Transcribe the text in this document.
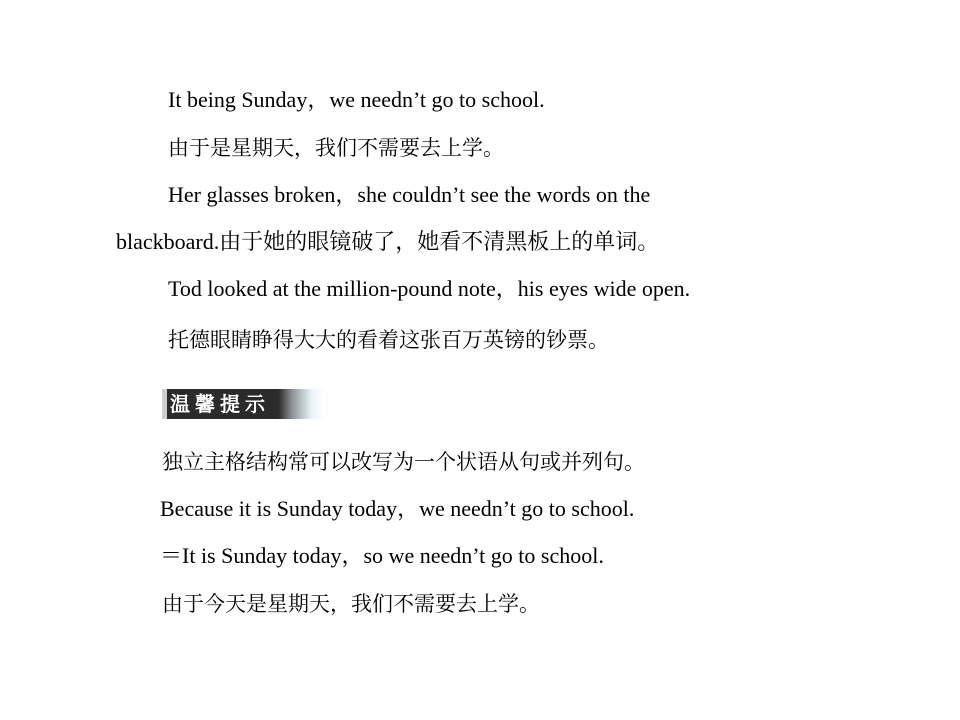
It being Sunday，we needn’t go to school.
由于是星期天，我们不需要去上学。
Her glasses broken，she couldn’t see the words on the
blackboard.由于她的眼镜破了，她看不清黑板上的单词。
Tod looked at the million-pound note，his eyes wide open.
托德眼睛睁得大大的看着这张百万英镑的钞票。
温馨提示
独立主格结构常可以改写为一个状语从句或并列句。
Because it is Sunday today，we needn’t go to school.
＝It is Sunday today，so we needn’t go to school.
由于今天是星期天，我们不需要去上学。
